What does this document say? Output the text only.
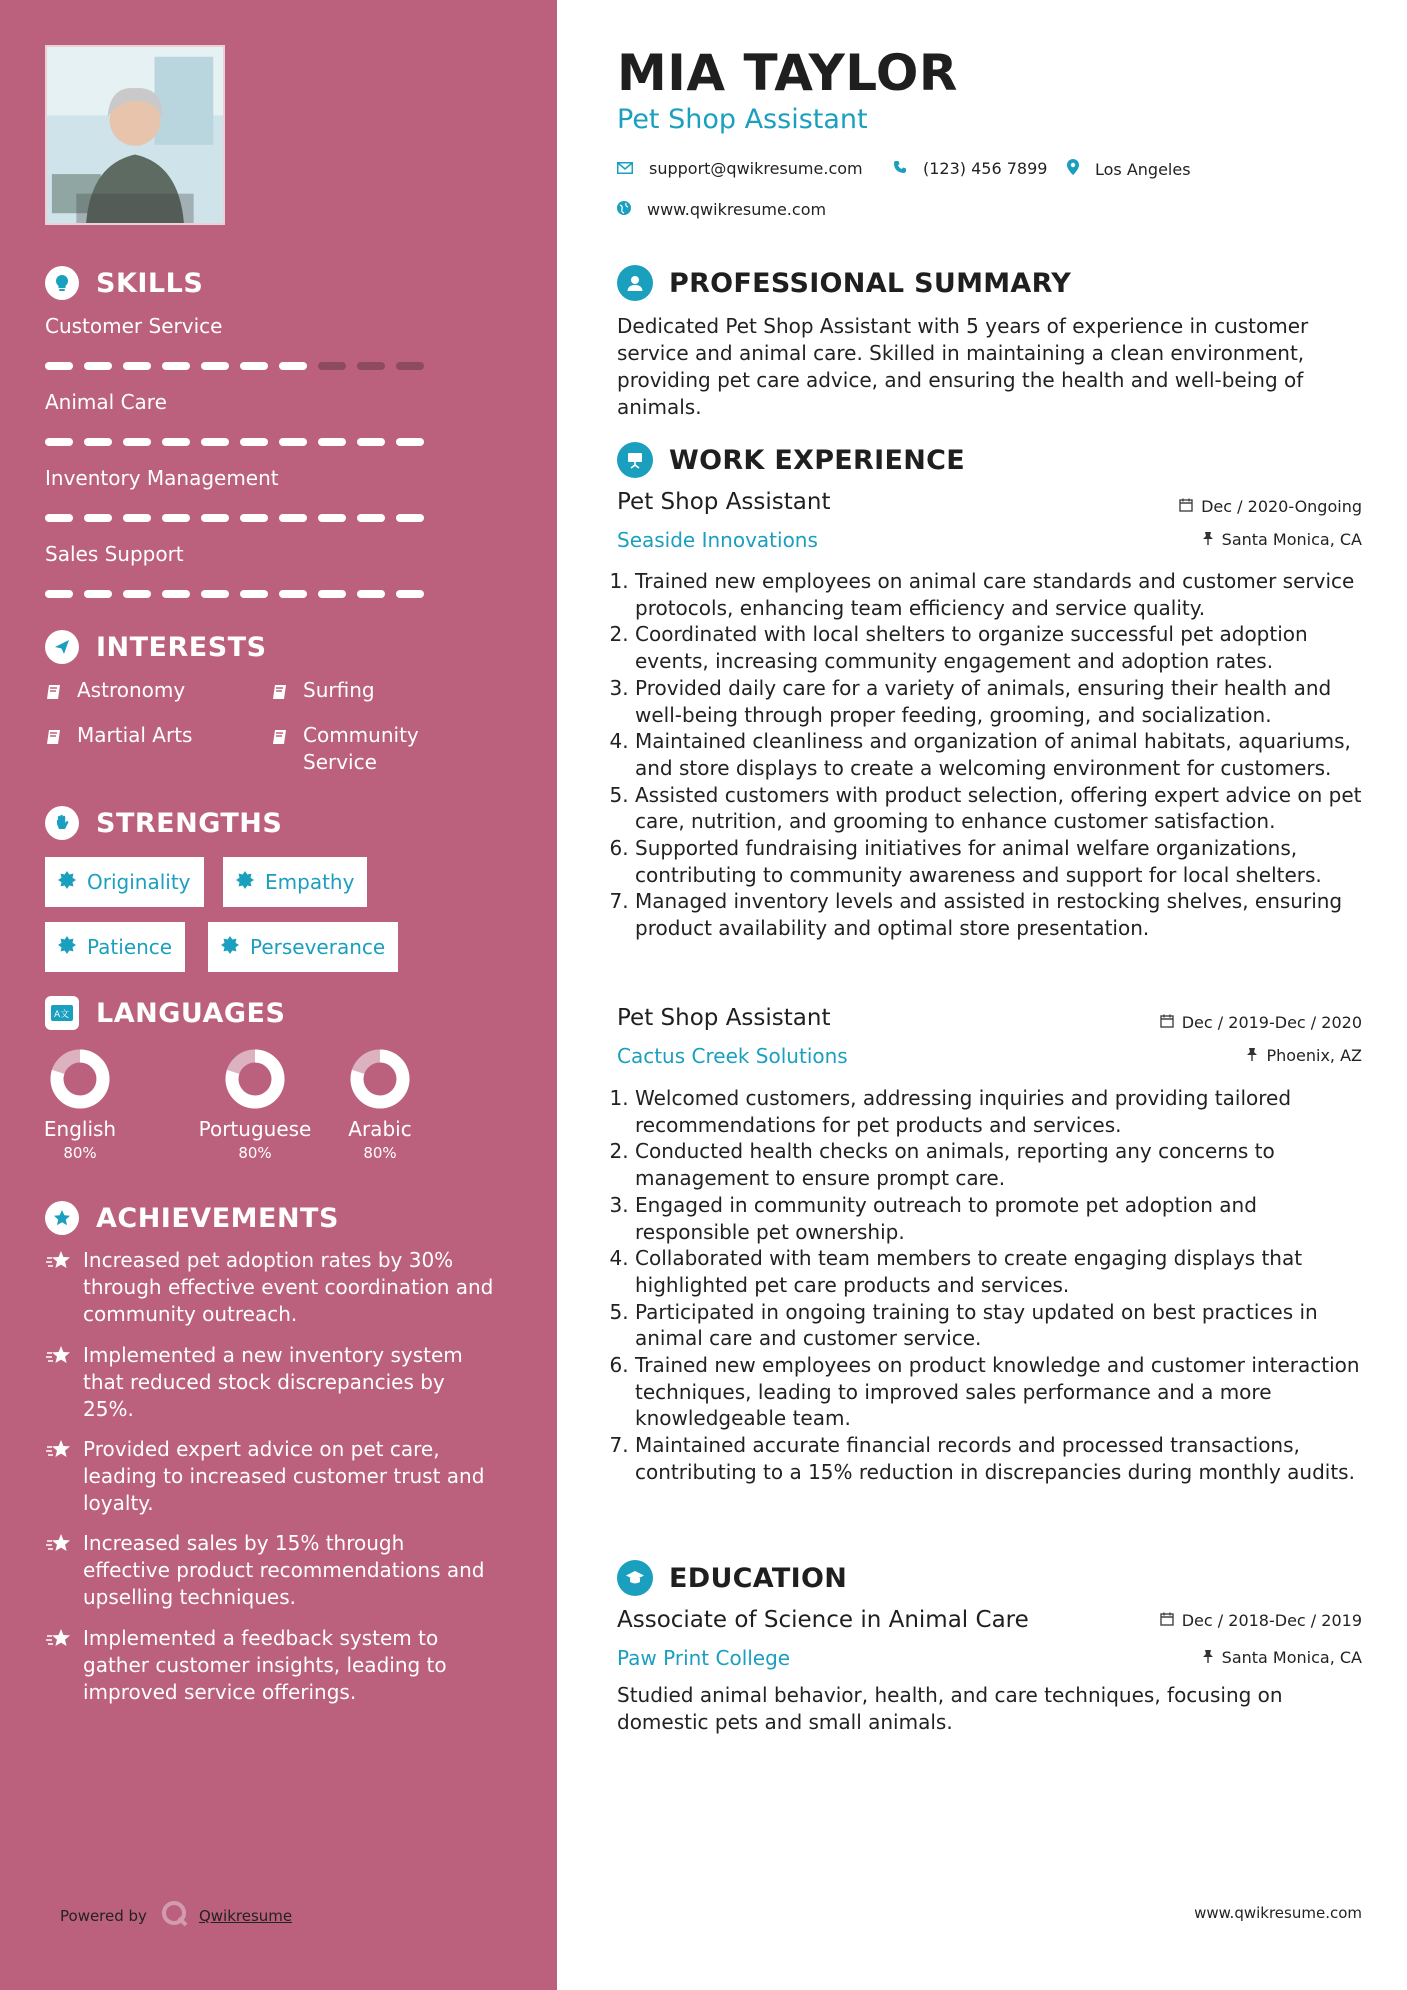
SKILLS
Customer Service
Animal Care
Inventory Management
Sales Support
INTERESTS
Astronomy	Surfing
Martial Arts	Community Service
STRENGTHS
Originality	Empathy
Patience	Perseverance
A文 LANGUAGES
English
80%
Portuguese
80%
Arabic
80%
ACHIEVEMENTS
Increased pet adoption rates by 30% through effective event coordination and community outreach.
Implemented a new inventory system that reduced stock discrepancies by 25%.
Provided expert advice on pet care, leading to increased customer trust and loyalty.
Increased sales by 15% through effective product recommendations and upselling techniques.
Implemented a feedback system to gather customer insights, leading to improved service offerings.
Powered by	Qwikresume
MIA TAYLOR
Pet Shop Assistant
support@qwikresume.com	(123) 456 7899	Los Angeles
www.qwikresume.com
PROFESSIONAL SUMMARY
Dedicated Pet Shop Assistant with 5 years of experience in customer service and animal care. Skilled in maintaining a clean environment, providing pet care advice, and ensuring the health and well-being of animals.
WORK EXPERIENCE
Pet Shop Assistant	Dec / 2020-Ongoing
Seaside Innovations	Santa Monica, CA
1. Trained new employees on animal care standards and customer service protocols, enhancing team efficiency and service quality.
2. Coordinated with local shelters to organize successful pet adoption events, increasing community engagement and adoption rates.
3. Provided daily care for a variety of animals, ensuring their health and well-being through proper feeding, grooming, and socialization.
4. Maintained cleanliness and organization of animal habitats, aquariums, and store displays to create a welcoming environment for customers.
5. Assisted customers with product selection, offering expert advice on pet care, nutrition, and grooming to enhance customer satisfaction.
6. Supported fundraising initiatives for animal welfare organizations, contributing to community awareness and support for local shelters.
7. Managed inventory levels and assisted in restocking shelves, ensuring product availability and optimal store presentation.
Pet Shop Assistant	Dec / 2019-Dec / 2020
Cactus Creek Solutions	Phoenix, AZ
1. Welcomed customers, addressing inquiries and providing tailored recommendations for pet products and services.
2. Conducted health checks on animals, reporting any concerns to management to ensure prompt care.
3. Engaged in community outreach to promote pet adoption and responsible pet ownership.
4. Collaborated with team members to create engaging displays that highlighted pet care products and services.
5. Participated in ongoing training to stay updated on best practices in animal care and customer service.
6. Trained new employees on product knowledge and customer interaction techniques, leading to improved sales performance and a more knowledgeable team.
7. Maintained accurate financial records and processed transactions, contributing to a 15% reduction in discrepancies during monthly audits.
EDUCATION
Associate of Science in Animal Care	Dec / 2018-Dec / 2019
Paw Print College	Santa Monica, CA
Studied animal behavior, health, and care techniques, focusing on domestic pets and small animals.
www.qwikresume.com
